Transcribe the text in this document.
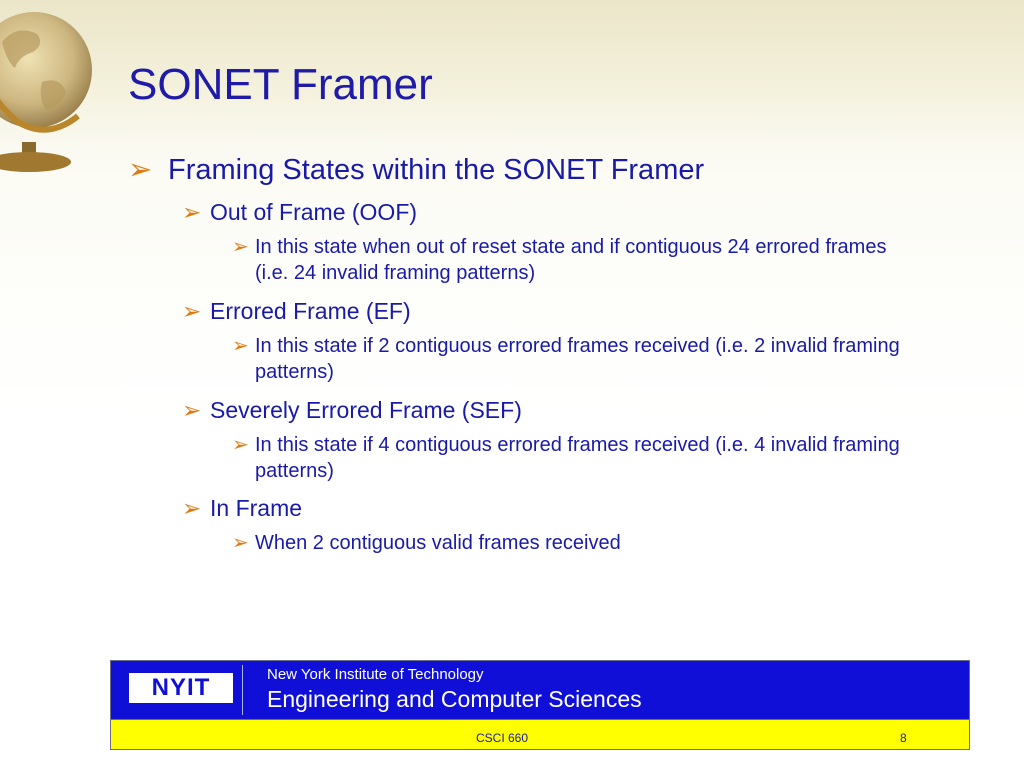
SONET Framer
➢ Framing States within the SONET Framer
➢ Out of Frame (OOF)
➢ In this state when out of reset state and if contiguous 24 errored frames (i.e. 24 invalid framing patterns)
➢ Errored Frame (EF)
➢ In this state if 2 contiguous errored frames received (i.e. 2 invalid framing patterns)
➢ Severely Errored Frame (SEF)
➢ In this state if 4 contiguous errored frames received (i.e. 4 invalid framing patterns)
➢ In Frame
➢ When 2 contiguous valid frames received
NYIT	New York Institute of Technology
Engineering and Computer Sciences
CSCI 660	8
